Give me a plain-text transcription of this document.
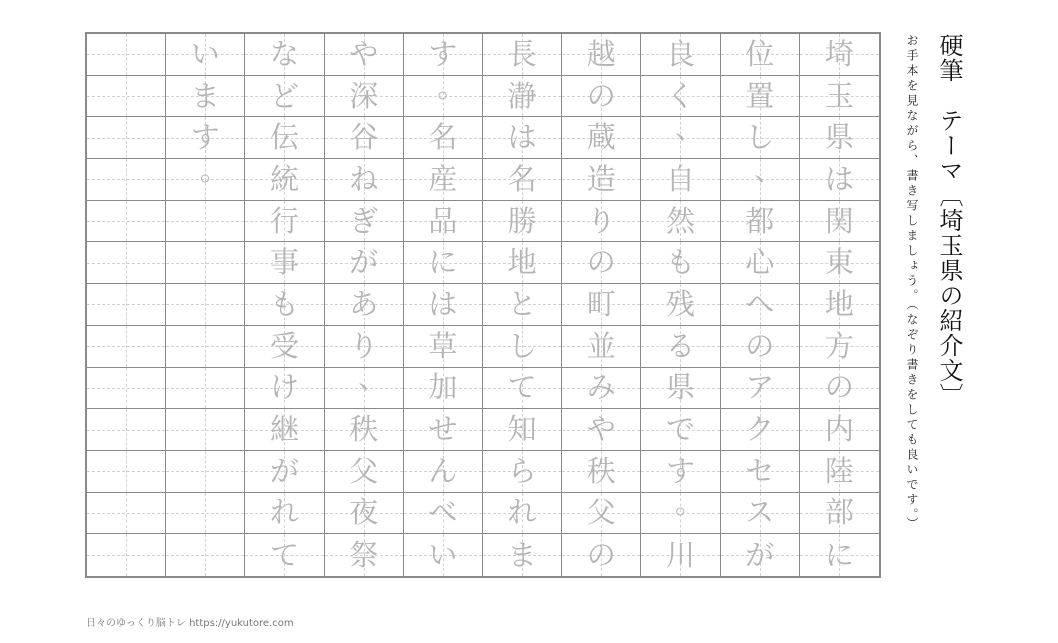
い な や す 長 越 良 位 埼
ま ど 深 。 瀞 の く 置 玉
す 伝 谷 名 は 蔵 、 し 県
。 統 ね 産 名 造 自 、 は
行 ぎ 品 勝 り 然 都 関
事 が に 地 の も 心 東
も あ は と 町 残 へ 地
受 り 草 し 並 る の 方
け 、 加 て み 県 ア の
継 秩 せ 知 や で ク 内
が 父 ん ら 秩 す セ 陸
れ 夜 べ れ 父 。 ス 部
て 祭 い ま の 川 が に
硬筆　テーマ〔埼玉県の紹介文〕
お手本を見ながら、書き写しましょう。（なぞり書きをしても良いです。）
日々のゆっくり脳トレ https://yukutore.com
